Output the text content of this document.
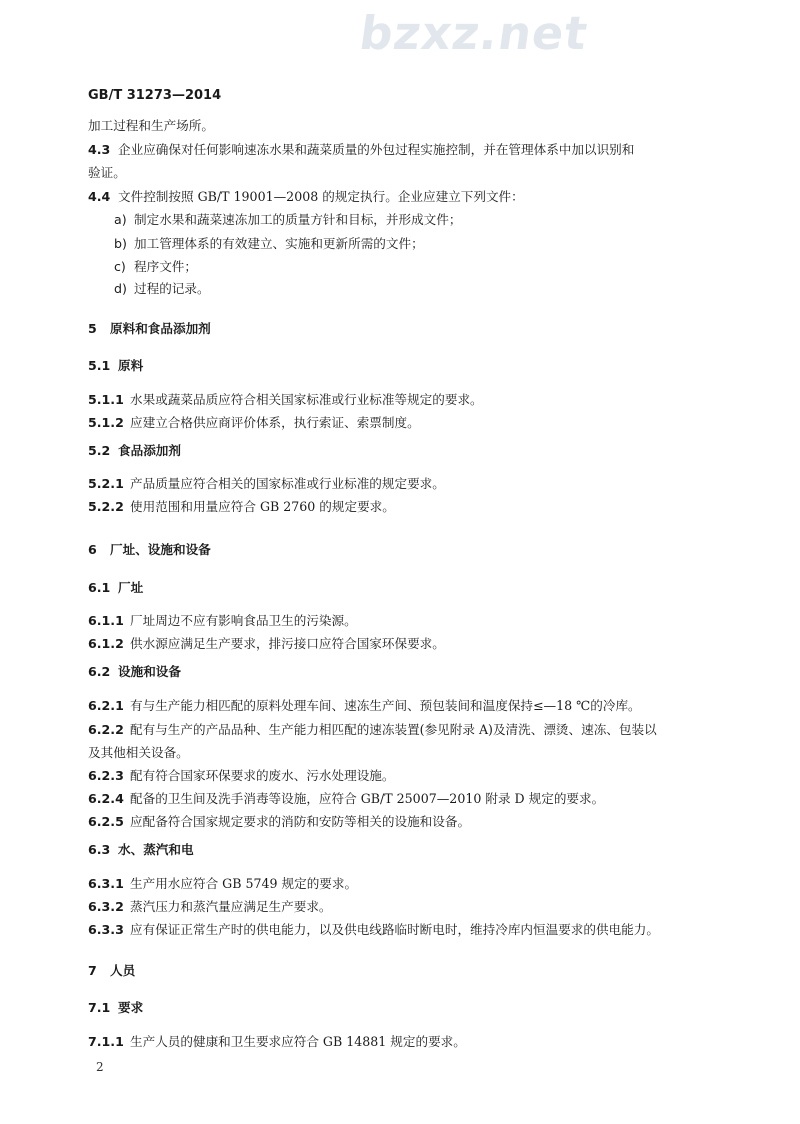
bzxz.net
GB/T 31273—2014
加工过程和生产场所。
4.3 企业应确保对任何影响速冻水果和蔬菜质量的外包过程实施控制，并在管理体系中加以识别和
验证。
4.4 文件控制按照 GB/T 19001—2008 的规定执行。企业应建立下列文件：
a) 制定水果和蔬菜速冻加工的质量方针和目标，并形成文件；
b) 加工管理体系的有效建立、实施和更新所需的文件；
c) 程序文件；
d) 过程的记录。
5 原料和食品添加剂
5.1 原料
5.1.1 水果或蔬菜品质应符合相关国家标准或行业标准等规定的要求。
5.1.2 应建立合格供应商评价体系，执行索证、索票制度。
5.2 食品添加剂
5.2.1 产品质量应符合相关的国家标准或行业标准的规定要求。
5.2.2 使用范围和用量应符合 GB 2760 的规定要求。
6 厂址、设施和设备
6.1 厂址
6.1.1 厂址周边不应有影响食品卫生的污染源。
6.1.2 供水源应满足生产要求，排污接口应符合国家环保要求。
6.2 设施和设备
6.2.1 有与生产能力相匹配的原料处理车间、速冻生产间、预包装间和温度保持≤—18 ℃的冷库。
6.2.2 配有与生产的产品品种、生产能力相匹配的速冻装置(参见附录 A)及清洗、漂烫、速冻、包装以
及其他相关设备。
6.2.3 配有符合国家环保要求的废水、污水处理设施。
6.2.4 配备的卫生间及洗手消毒等设施，应符合 GB/T 25007—2010 附录 D 规定的要求。
6.2.5 应配备符合国家规定要求的消防和安防等相关的设施和设备。
6.3 水、蒸汽和电
6.3.1 生产用水应符合 GB 5749 规定的要求。
6.3.2 蒸汽压力和蒸汽量应满足生产要求。
6.3.3 应有保证正常生产时的供电能力，以及供电线路临时断电时，维持冷库内恒温要求的供电能力。
7 人员
7.1 要求
7.1.1 生产人员的健康和卫生要求应符合 GB 14881 规定的要求。
2
